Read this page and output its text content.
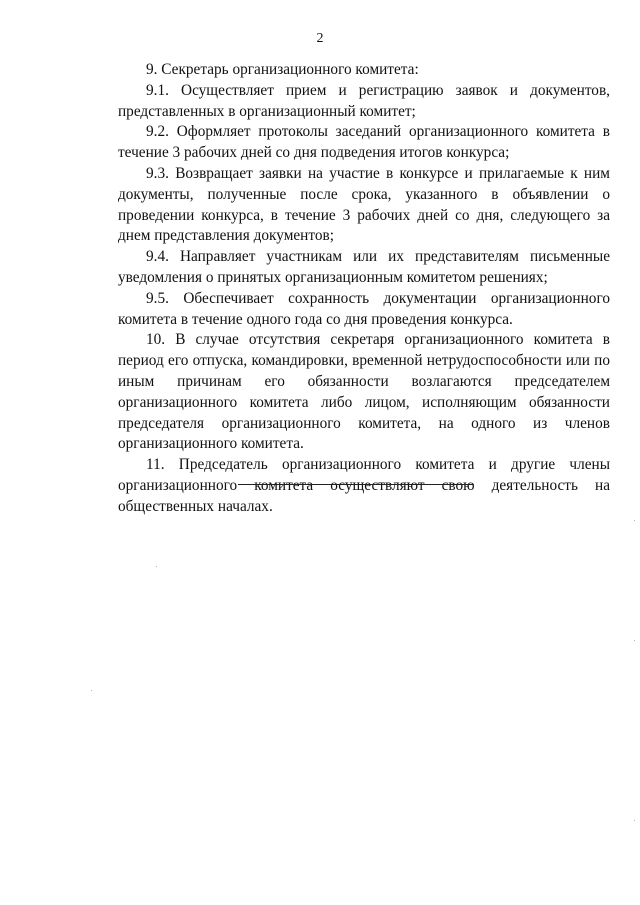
2

9. Секретарь организационного комитета:

9.1. Осуществляет прием и регистрацию заявок и документов, представленных в организационный комитет;

9.2. Оформляет протоколы заседаний организационного комитета в течение 3 рабочих дней со дня подведения итогов конкурса;

9.3. Возвращает заявки на участие в конкурсе и прилагаемые к ним документы, полученные после срока, указанного в объявлении о проведении конкурса, в течение 3 рабочих дней со дня, следующего за днем представления документов;

9.4. Направляет участникам или их представителям письменные уведомления о принятых организационным комитетом решениях;

9.5. Обеспечивает сохранность документации организационного комитета в течение одного года со дня проведения конкурса.

10. В случае отсутствия секретаря организационного комитета в период его отпуска, командировки, временной нетрудоспособности или по иным причинам его обязанности возлагаются председателем организационного комитета либо лицом, исполняющим обязанности председателя организационного комитета, на одного из членов организационного комитета.

11. Председатель организационного комитета и другие члены организационного комитета осуществляют свою деятельность на общественных началах.
